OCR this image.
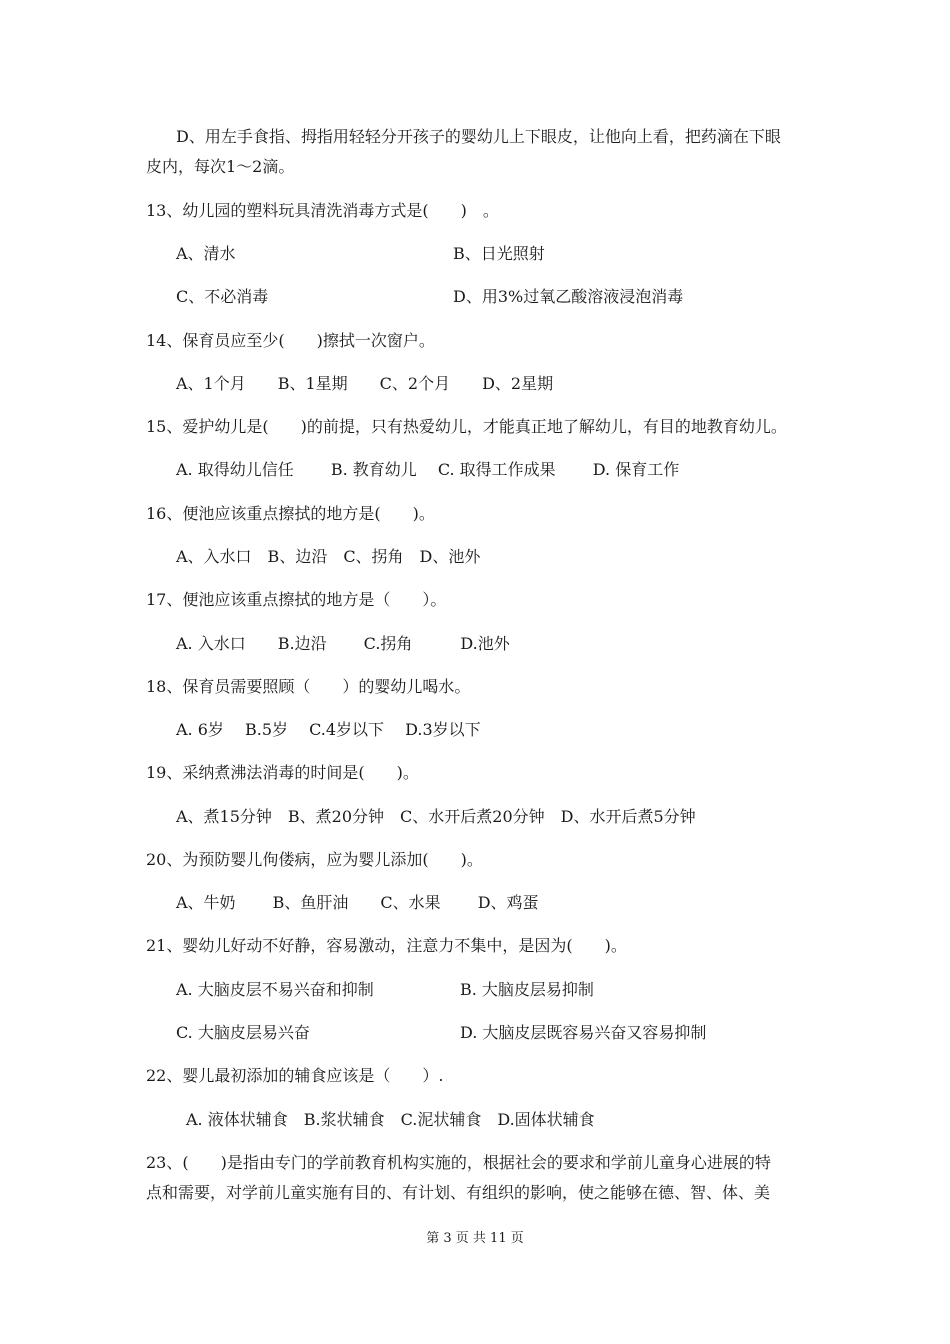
D、用左手食指、拇指用轻轻分开孩子的婴幼儿上下眼皮，让他向上看，把药滴在下眼
皮内，每次1～2滴。
13、幼儿园的塑料玩具清洗消毒方式是(　　)　。
A、清水	B、日光照射
C、不必消毒	D、用3%过氧乙酸溶液浸泡消毒
14、保育员应至少(　　)擦拭一次窗户。
A、1个月　　B、1星期　　C、2个月　　D、2星期
15、爱护幼儿是(　　)的前提，只有热爱幼儿，才能真正地了解幼儿，有目的地教育幼儿。
A. 取得幼儿信任　　 B. 教育幼儿　 C. 取得工作成果　　 D. 保育工作
16、便池应该重点擦拭的地方是(　　)。
A、入水口　B、边沿　C、拐角　D、池外
17、便池应该重点擦拭的地方是（　　）。
A. 入水口　　B.边沿　　 C.拐角　　　D.池外
18、保育员需要照顾（　　）的婴幼儿喝水。
A. 6岁　 B.5岁　 C.4岁以下　 D.3岁以下
19、采纳煮沸法消毒的时间是(　　)。
A、煮15分钟　B、煮20分钟　C、水开后煮20分钟　D、水开后煮5分钟
20、为预防婴儿佝偻病，应为婴儿添加(　　)。
A、牛奶　　 B、鱼肝油　　C、水果　　 D、鸡蛋
21、婴幼儿好动不好静，容易激动，注意力不集中，是因为(　　)。
A. 大脑皮层不易兴奋和抑制	B. 大脑皮层易抑制
C. 大脑皮层易兴奋	D. 大脑皮层既容易兴奋又容易抑制
22、婴儿最初添加的辅食应该是（　　）.
A. 液体状辅食　B.浆状辅食　C.泥状辅食　D.固体状辅食
23、(　　)是指由专门的学前教育机构实施的，根据社会的要求和学前儿童身心进展的特
点和需要，对学前儿童实施有目的、有计划、有组织的影响，使之能够在德、智、体、美
第 3 页 共 11 页
